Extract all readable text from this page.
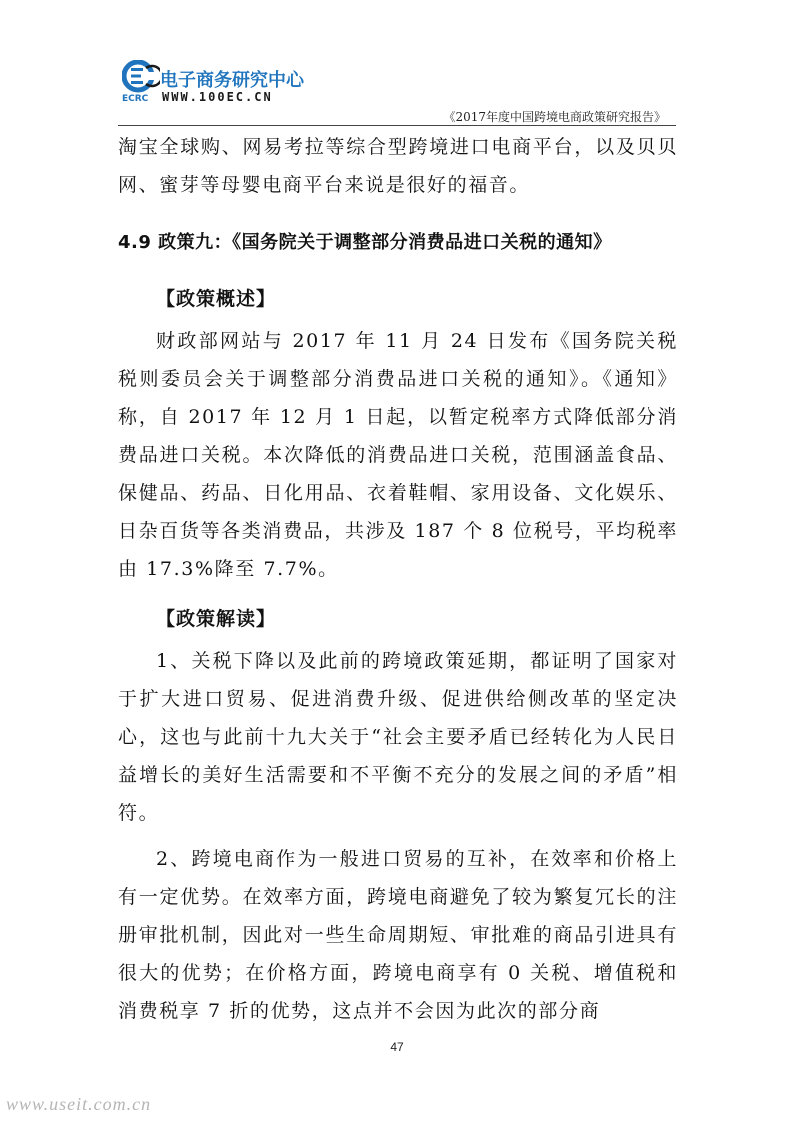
电子商务研究中心
WWW.100EC.CN
ECRC
《2017年度中国跨境电商政策研究报告》

淘宝全球购、网易考拉等综合型跨境进口电商平台，以及贝贝网、蜜芽等母婴电商平台来说是很好的福音。

4.9 政策九：《国务院关于调整部分消费品进口关税的通知》
【政策概述】

财政部网站与 2017 年 11 月 24 日发布《国务院关税税则委员会关于调整部分消费品进口关税的通知》。《通知》称，自 2017 年 12 月 1 日起，以暂定税率方式降低部分消费品进口关税。本次降低的消费品进口关税，范围涵盖食品、保健品、药品、日化用品、衣着鞋帽、家用设备、文化娱乐、日杂百货等各类消费品，共涉及 187 个 8 位税号，平均税率由 17.3%降至 7.7%。

【政策解读】

1、关税下降以及此前的跨境政策延期，都证明了国家对于扩大进口贸易、促进消费升级、促进供给侧改革的坚定决心，这也与此前十九大关于“社会主要矛盾已经转化为人民日益增长的美好生活需要和不平衡不充分的发展之间的矛盾”相符。

2、跨境电商作为一般进口贸易的互补，在效率和价格上有一定优势。在效率方面，跨境电商避免了较为繁复冗长的注册审批机制，因此对一些生命周期短、审批难的商品引进具有很大的优势；在价格方面，跨境电商享有 0 关税、增值税和消费税享 7 折的优势，这点并不会因为此次的部分商

47
www.useit.com.cn
